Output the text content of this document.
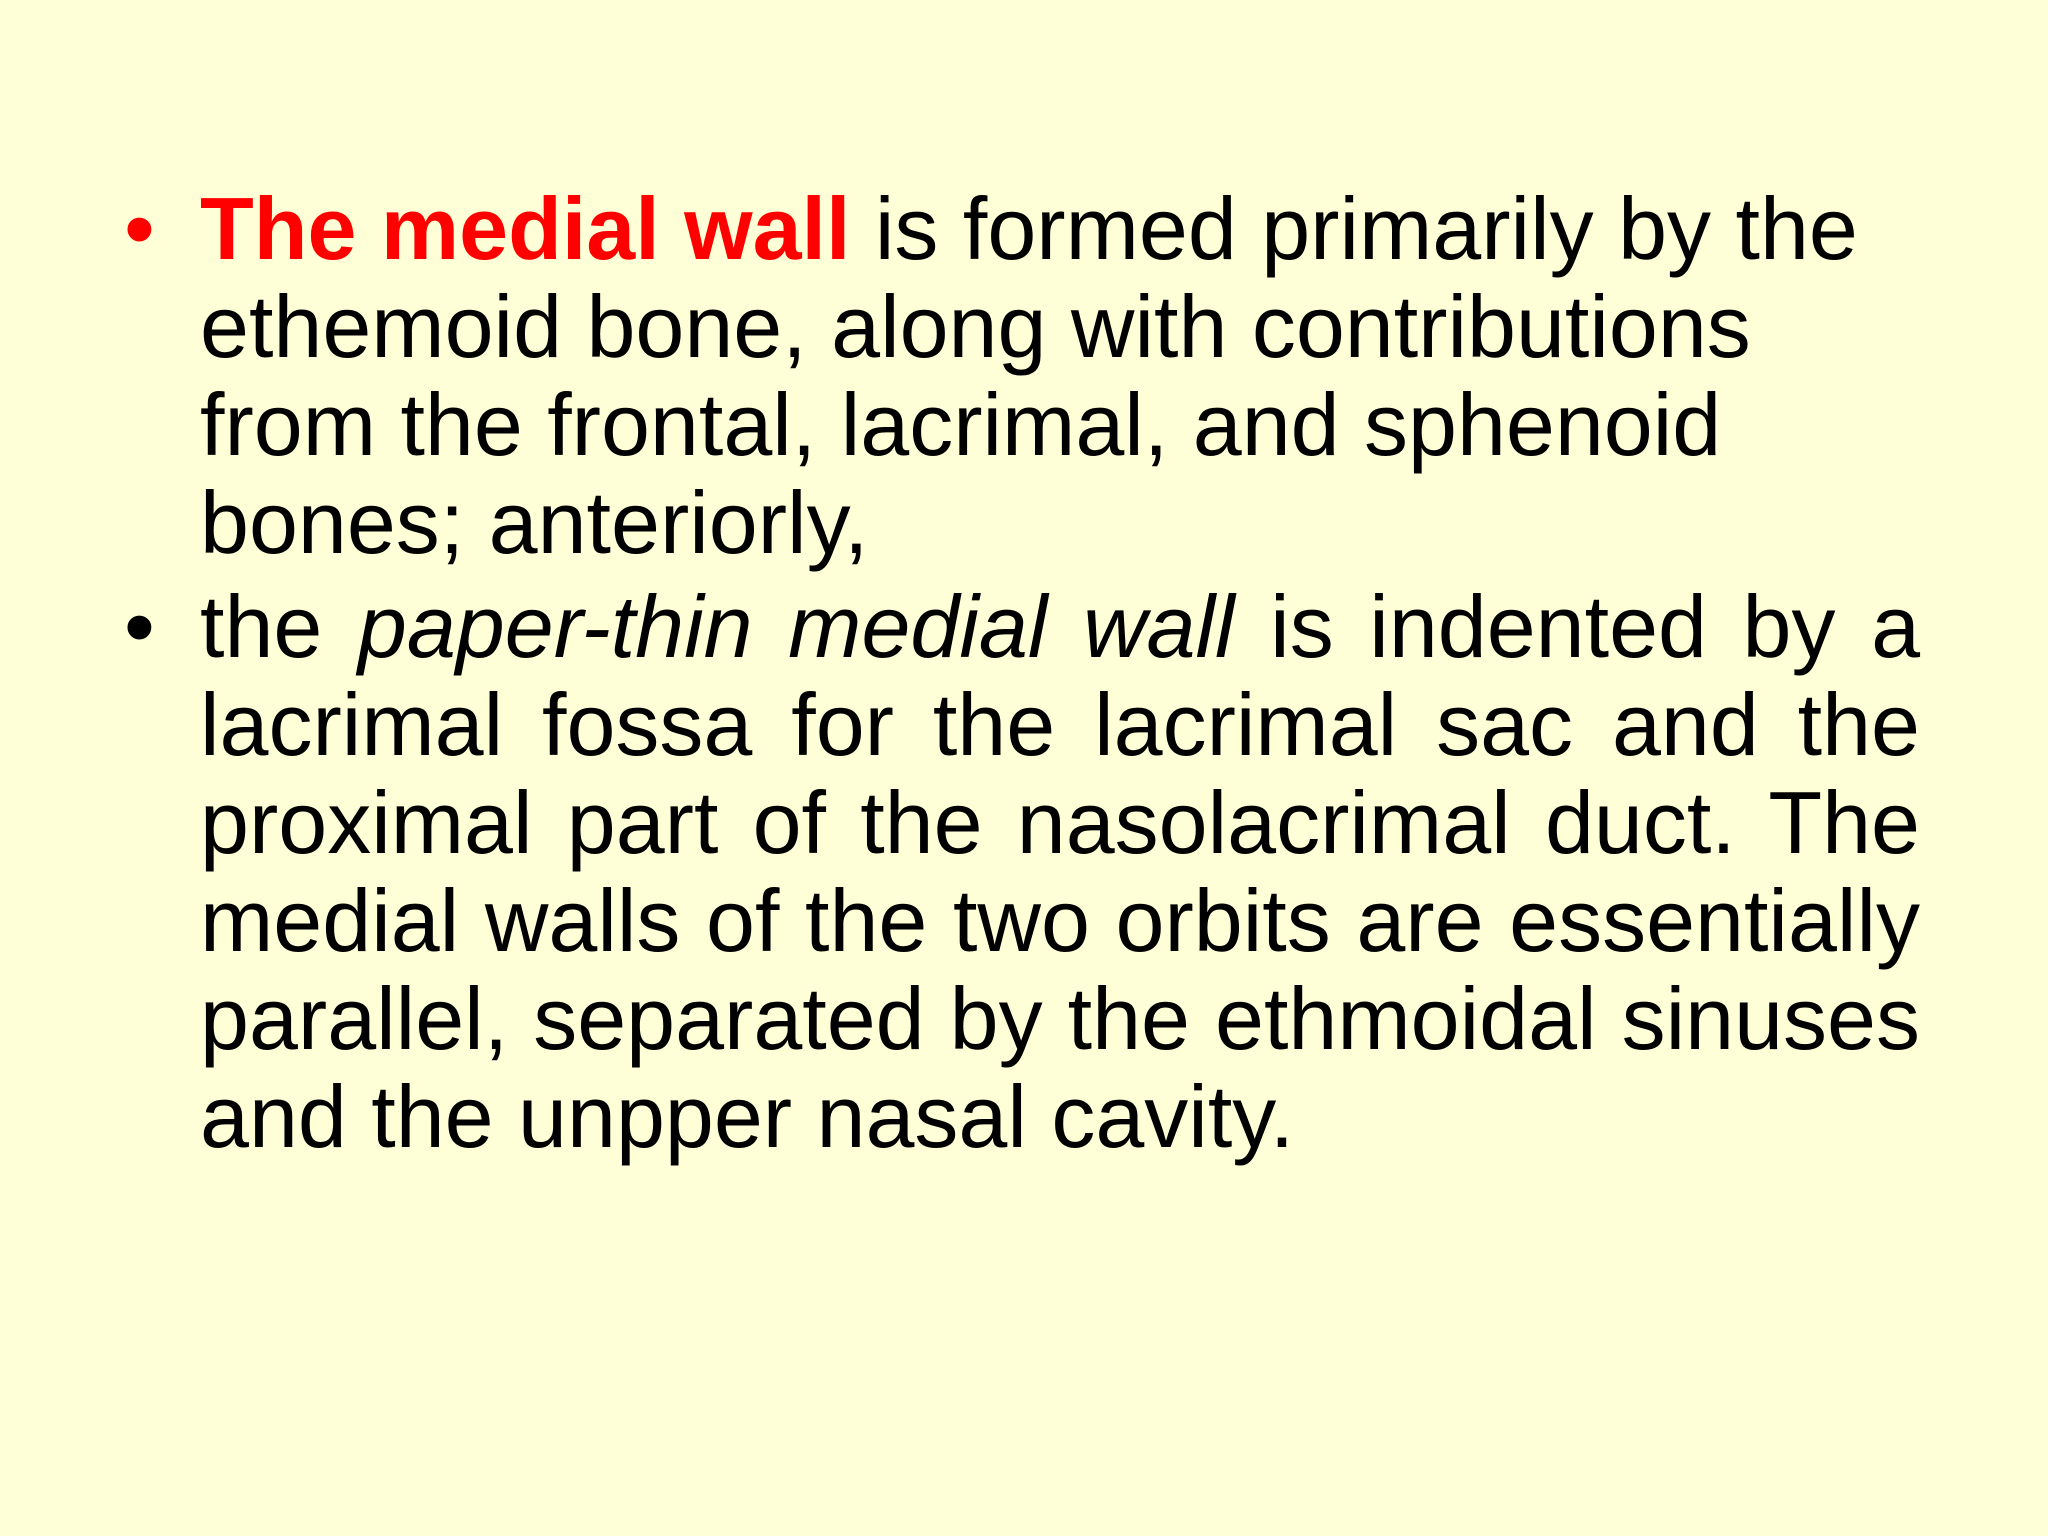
• The medial wall is formed primarily by the ethemoid bone, along with contributions from the frontal, lacrimal, and sphenoid bones; anteriorly,
• the paper-thin medial wall is indented by a lacrimal fossa for the lacrimal sac and the proximal part of the nasolacrimal duct. The medial walls of the two orbits are essentially parallel, separated by the ethmoidal sinuses and the unpper nasal cavity.
